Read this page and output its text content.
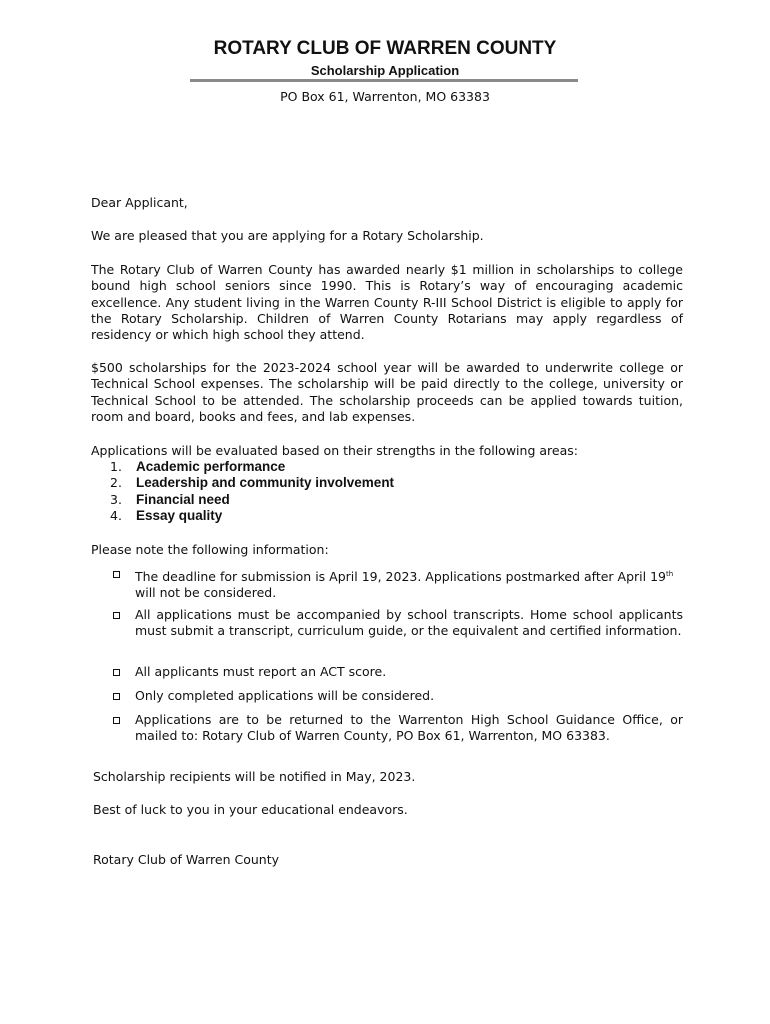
ROTARY CLUB OF WARREN COUNTY
Scholarship Application
PO Box 61, Warrenton, MO 63383
Dear Applicant,
We are pleased that you are applying for a Rotary Scholarship.
The Rotary Club of Warren County has awarded nearly $1 million in scholarships to college bound high school seniors since 1990. This is Rotary’s way of encouraging academic excellence. Any student living in the Warren County R-III School District is eligible to apply for the Rotary Scholarship. Children of Warren County Rotarians may apply regardless of residency or which high school they attend.
$500 scholarships for the 2023-2024 school year will be awarded to underwrite college or Technical School expenses. The scholarship will be paid directly to the college, university or Technical School to be attended. The scholarship proceeds can be applied towards tuition, room and board, books and fees, and lab expenses.
Applications will be evaluated based on their strengths in the following areas:
1.	Academic performance
2.	Leadership and community involvement
3.	Financial need
4.	Essay quality
Please note the following information:
The deadline for submission is April 19, 2023. Applications postmarked after April 19th will not be considered.
All applications must be accompanied by school transcripts. Home school applicants must submit a transcript, curriculum guide, or the equivalent and certified information.
All applicants must report an ACT score.
Only completed applications will be considered.
Applications are to be returned to the Warrenton High School Guidance Office, or mailed to: Rotary Club of Warren County, PO Box 61, Warrenton, MO 63383.
Scholarship recipients will be notified in May, 2023.
Best of luck to you in your educational endeavors.
Rotary Club of Warren County
